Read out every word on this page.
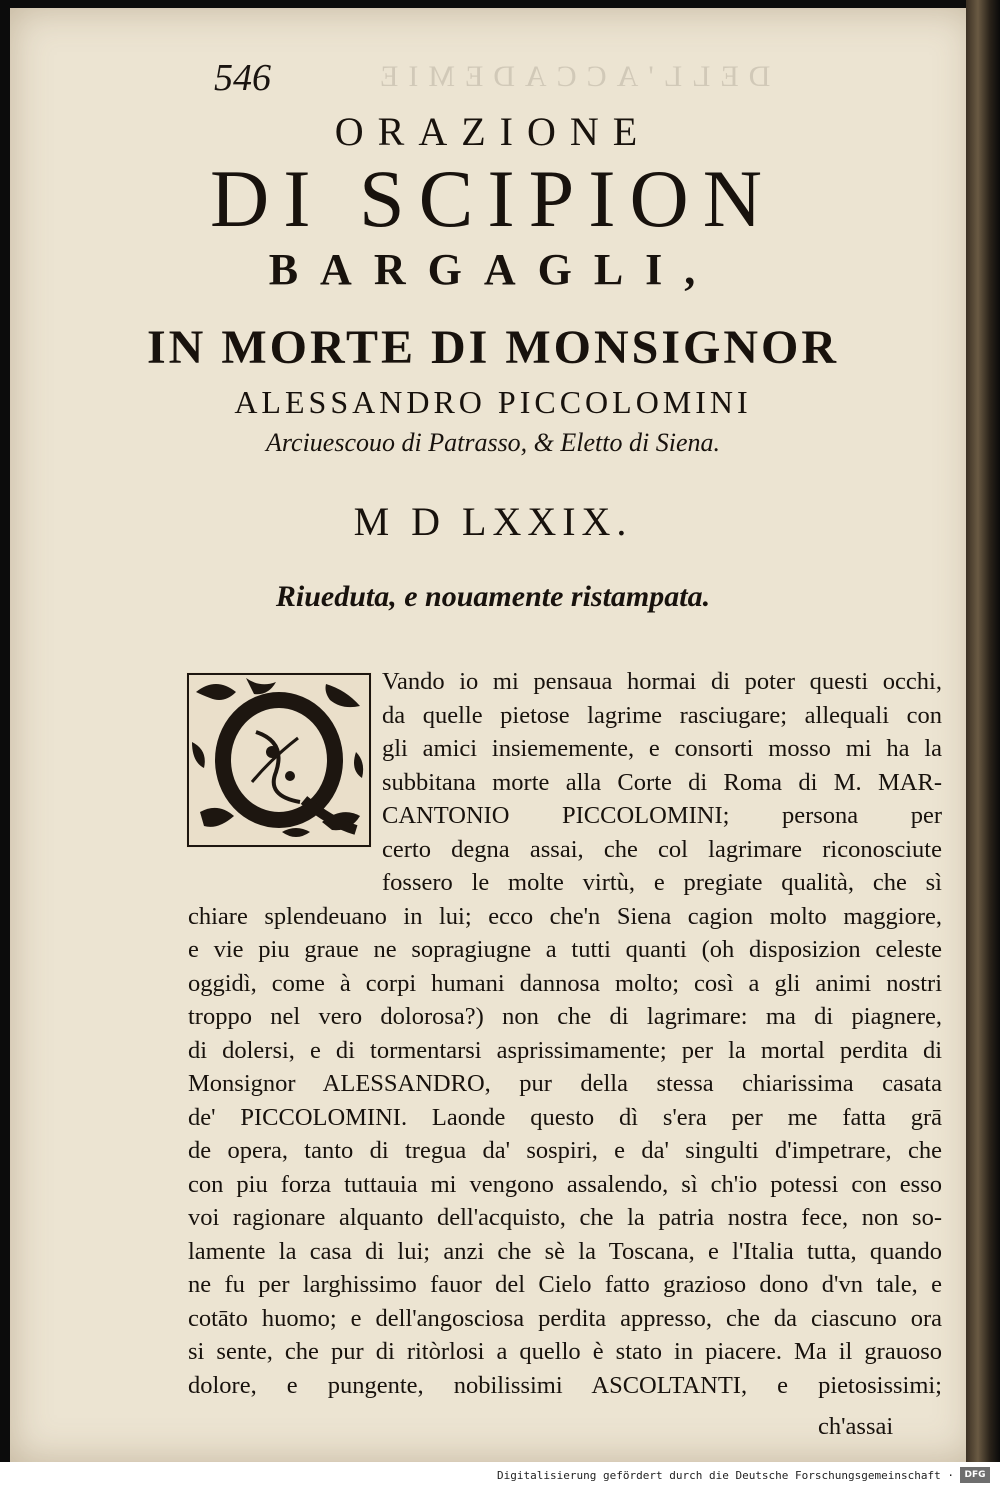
DELL'ACCADEMIE
546
ORAZIONE
DI SCIPION
BARGAGLI,
IN MORTE DI MONSIGNOR
ALESSANDRO PICCOLOMINI
Arciuescouo di Patrasso, & Eletto di Siena.
M D LXXIX.
Riueduta, e nouamente ristampata.
Vando io mi pensaua hormai di poter questi occhi,
da quelle pietose lagrime rasciugare; allequali con
gli amici insiememente, e consorti mosso mi ha la
subbitana morte alla Corte di Roma di M. MAR-
CANTONIO PICCOLOMINI; persona per
certo degna assai, che col lagrimare riconosciute
fossero le molte virtù, e pregiate qualità, che sì
chiare splendeuano in lui; ecco che'n Siena cagion molto maggiore,
e vie piu graue ne sopragiugne a tutti quanti (oh disposizion celeste
oggidì, come à corpi humani dannosa molto; così a gli animi nostri
troppo nel vero dolorosa?) non che di lagrimare: ma di piagnere,
di dolersi, e di tormentarsi asprissimamente; per la mortal perdita di
Monsignor ALESSANDRO, pur della stessa chiarissima casata
de' PICCOLOMINI. Laonde questo dì s'era per me fatta grā
de opera, tanto di tregua da' sospiri, e da' singulti d'impetrare, che
con piu forza tuttauia mi vengono assalendo, sì ch'io potessi con esso
voi ragionare alquanto dell'acquisto, che la patria nostra fece, non so-
lamente la casa di lui; anzi che sè la Toscana, e l'Italia tutta, quando
ne fu per larghissimo fauor del Cielo fatto grazioso dono d'vn tale, e
cotāto huomo; e dell'angosciosa perdita appresso, che da ciascuno ora
si sente, che pur di ritòrlosi a quello è stato in piacere. Ma il grauoso
dolore, e pungente, nobilissimi ASCOLTANTI, e pietosissimi;
Digitalisierung gefördert durch die Deutsche Forschungsgemeinschaft ·	DFG
ch'assai
